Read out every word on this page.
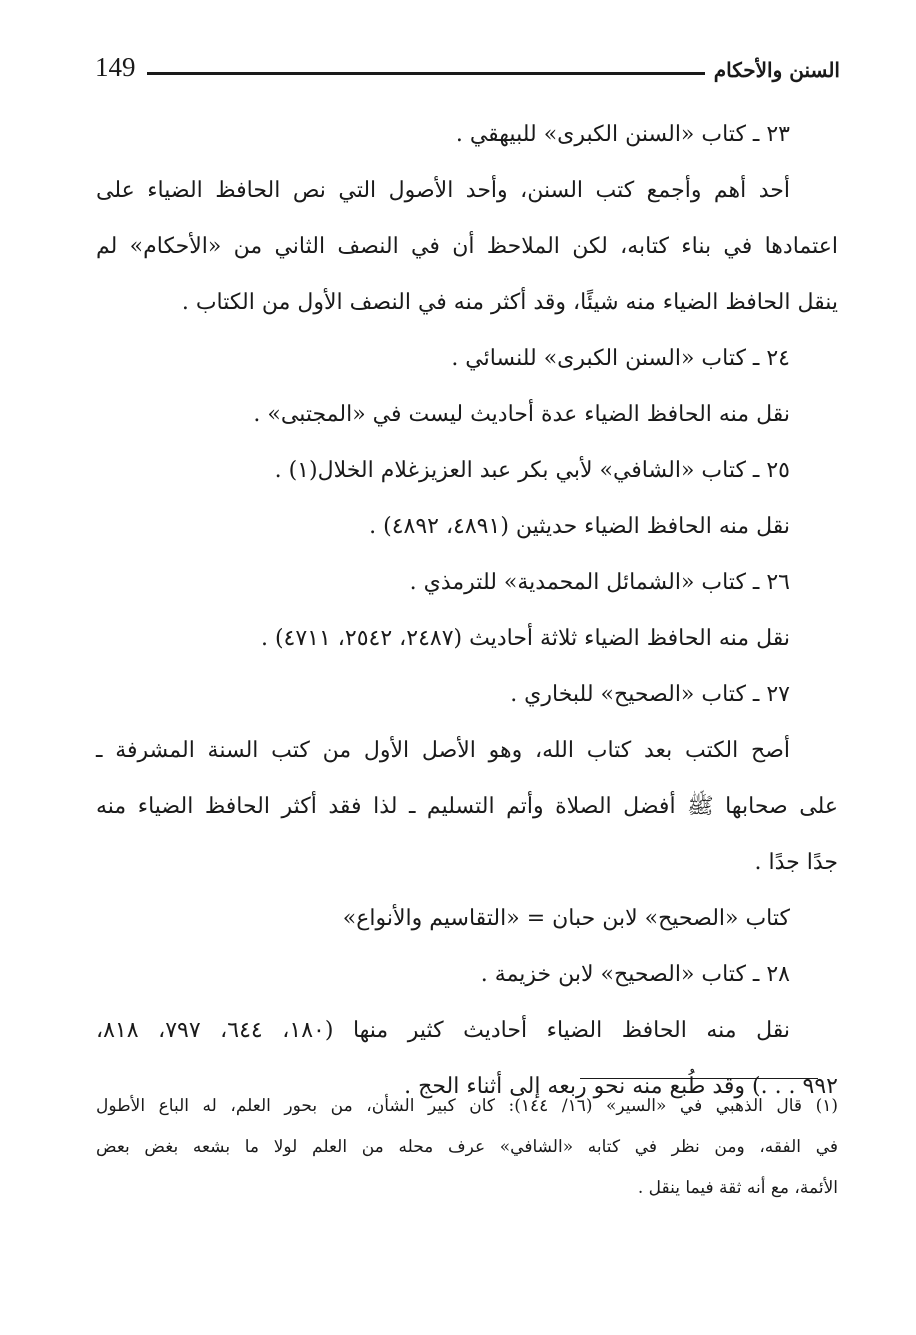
149	السنن والأحكام
٢٣ ـ كتاب «السنن الكبرى» للبيهقي .
أحد أهم وأجمع كتب السنن، وأحد الأصول التي نص الحافظ الضياء على
اعتمادها في بناء كتابه، لكن الملاحظ أن في النصف الثاني من «الأحكام» لم
ينقل الحافظ الضياء منه شيئًا، وقد أكثر منه في النصف الأول من الكتاب .
٢٤ ـ كتاب «السنن الكبرى» للنسائي .
نقل منه الحافظ الضياء عدة أحاديث ليست في «المجتبى» .
٢٥ ـ كتاب «الشافي» لأبي بكر عبد العزيزغلام الخلال(١) .
نقل منه الحافظ الضياء حديثين (٤٨٩١، ٤٨٩٢) .
٢٦ ـ كتاب «الشمائل المحمدية» للترمذي .
نقل منه الحافظ الضياء ثلاثة أحاديث (٢٤٨٧، ٢٥٤٢، ٤٧١١) .
٢٧ ـ كتاب «الصحيح» للبخاري .
أصح الكتب بعد كتاب الله، وهو الأصل الأول من كتب السنة المشرفة ـ
على صحابها ﷺ أفضل الصلاة وأتم التسليم ـ لذا فقد أكثر الحافظ الضياء منه
جدًا جدًا .
كتاب «الصحيح» لابن حبان = «التقاسيم والأنواع»
٢٨ ـ كتاب «الصحيح» لابن خزيمة .
نقل منه الحافظ الضياء أحاديث كثير منها (١٨٠، ٦٤٤، ٧٩٧، ٨١٨،
٩٩٢ . . .) وقد طُبع منه نحو ربعه إلى أثناء الحج .
(١) قال الذهبي في «السير» (١٦/ ١٤٤): كان كبير الشأن، من بحور العلم، له الباع الأطول
في الفقه، ومن نظر في كتابه «الشافي» عرف محله من العلم لولا ما بشعه بغض بعض
الأئمة، مع أنه ثقة فيما ينقل .
